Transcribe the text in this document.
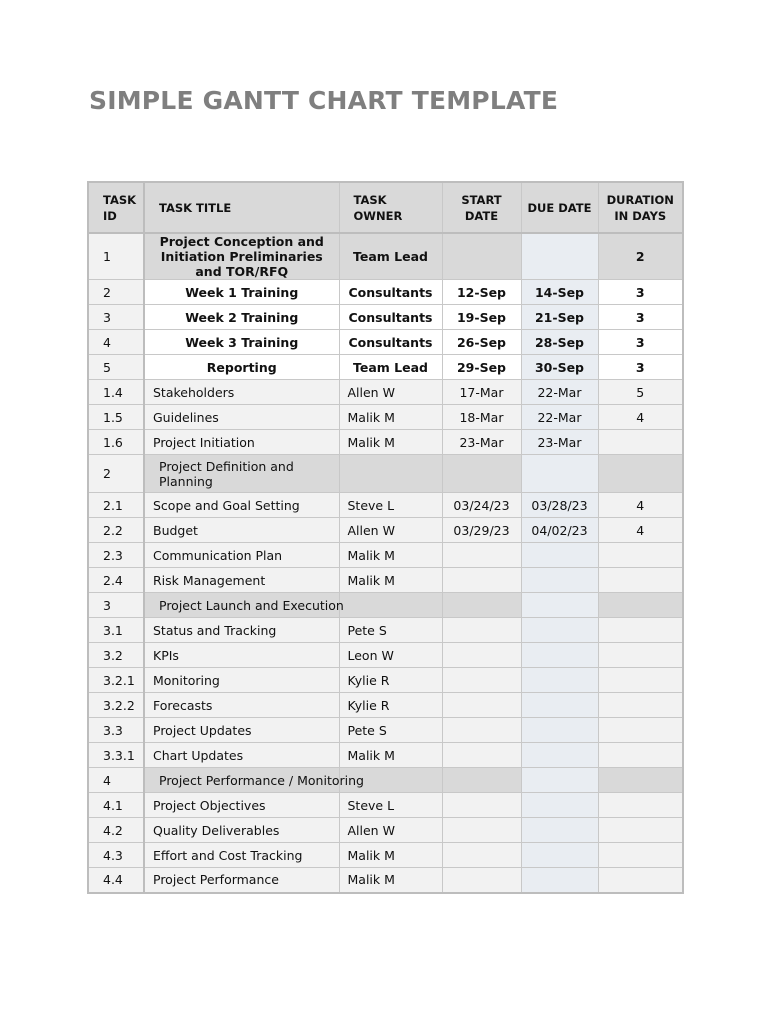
SIMPLE GANTT CHART TEMPLATE
TASK ID	TASK TITLE	TASK OWNER	START DATE	DUE DATE	DURATION IN DAYS
1	Project Conception and Initiation Preliminaries and TOR/RFQ	Team Lead			2
2	Week 1 Training	Consultants	12-Sep	14-Sep	3
3	Week 2 Training	Consultants	19-Sep	21-Sep	3
4	Week 3 Training	Consultants	26-Sep	28-Sep	3
5	Reporting	Team Lead	29-Sep	30-Sep	3
1.4	Stakeholders	Allen W	17-Mar	22-Mar	5
1.5	Guidelines	Malik M	18-Mar	22-Mar	4
1.6	Project Initiation	Malik M	23-Mar	23-Mar	
2	Project Definition and Planning				
2.1	Scope and Goal Setting	Steve L	03/24/23	03/28/23	4
2.2	Budget	Allen W	03/29/23	04/02/23	4
2.3	Communication Plan	Malik M			
2.4	Risk Management	Malik M			
3	Project Launch and Execution				
3.1	Status and Tracking	Pete S			
3.2	KPIs	Leon W			
3.2.1	Monitoring	Kylie R			
3.2.2	Forecasts	Kylie R			
3.3	Project Updates	Pete S			
3.3.1	Chart Updates	Malik M			
4	Project Performance / Monitoring				
4.1	Project Objectives	Steve L			
4.2	Quality Deliverables	Allen W			
4.3	Effort and Cost Tracking	Malik M			
4.4	Project Performance	Malik M			
